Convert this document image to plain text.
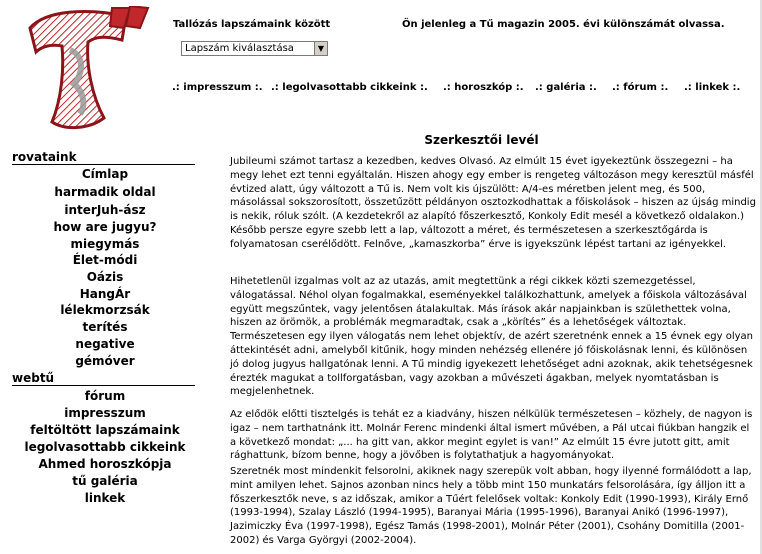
Tallózás lapszámaink között	Ön jelenleg a Tű magazin 2005. évi különszámát olvassa.
Lapszám kiválasztása	▼
.: impresszum :. .: legolvasottabb cikkeink :. .: horoszkóp :. .: galéria :. .: fórum :. .: linkek :.
rovataink
Címlap
harmadik oldal
interJuh-ász
how are jugyu?
miegymás
Élet-módi
Oázis
HangÁr
lélekmorzsák
terítés
negative
gémóver
webtű
fórum
impresszum
feltöltött lapszámaink
legolvasottabb cikkeink
Ahmed horoszkópja
tű galéria
linkek
Szerkesztői levél

Jubileumi számot tartasz a kezedben, kedves Olvasó. Az elmúlt 15 évet igyekeztünk összegezni – ha megy lehet ezt tenni egyáltalán. Hiszen ahogy egy ember is rengeteg változáson megy keresztül másfél évtized alatt, úgy változott a Tű is. Nem volt kis újszülött: A/4-es méretben jelent meg, és 500, másolással sokszorosított, összetűzött példányon osztozkodhattak a főiskolások – hiszen az újság mindig is nekik, róluk szólt. (A kezdetekről az alapító főszerkesztő, Konkoly Edit mesél a következő oldalakon.) Később persze egyre szebb lett a lap, változott a méret, és természetesen a szerkesztőgárda is folyamatosan cserélődött. Felnőve, „kamaszkorba” érve is igyekszünk lépést tartani az igényekkel.

Hihetetlenül izgalmas volt az az utazás, amit megtettünk a régi cikkek közti szemezgetéssel, válogatással. Néhol olyan fogalmakkal, eseményekkel találkozhattunk, amelyek a főiskola változásával együtt megszűntek, vagy jelentősen átalakultak. Más írások akár napjainkban is születhettek volna, hiszen az örömök, a problémák megmaradtak, csak a „körítés” és a lehetőségek változtak. Természetesen egy ilyen válogatás nem lehet objektív, de azért szeretnénk ennek a 15 évnek egy olyan áttekintését adni, amelyből kitűnik, hogy minden nehézség ellenére jó főiskolásnak lenni, és különösen jó dolog jugyus hallgatónak lenni. A Tű mindig igyekezett lehetőséget adni azoknak, akik tehetségesnek érezték magukat a tollforgatásban, vagy azokban a művészeti ágakban, melyek nyomtatásban is megjelenhetnek.

Az elődök előtti tisztelgés is tehát ez a kiadvány, hiszen nélkülük természetesen – közhely, de nagyon is igaz – nem tarthatnánk itt. Molnár Ferenc mindenki által ismert művében, a Pál utcai fiúkban hangzik el a következő mondat: „... ha gitt van, akkor megint egylet is van!” Az elmúlt 15 évre jutott gitt, amit rághattunk, bízom benne, hogy a jövőben is folytathatjuk a hagyományokat.

Szeretnék most mindenkit felsorolni, akiknek nagy szerepük volt abban, hogy ilyenné formálódott a lap, mint amilyen lehet. Sajnos azonban nincs hely a több mint 150 munkatárs felsorolására, így álljon itt a főszerkesztők neve, s az időszak, amikor a Tűért felelősek voltak: Konkoly Edit (1990-1993), Király Ernő (1993-1994), Szalay László (1994-1995), Baranyai Mária (1995-1996), Baranyai Anikó (1996-1997), Jazimiczky Éva (1997-1998), Egész Tamás (1998-2001), Molnár Péter (2001), Csohány Domitilla (2001-2002) és Varga Györgyi (2002-2004).
